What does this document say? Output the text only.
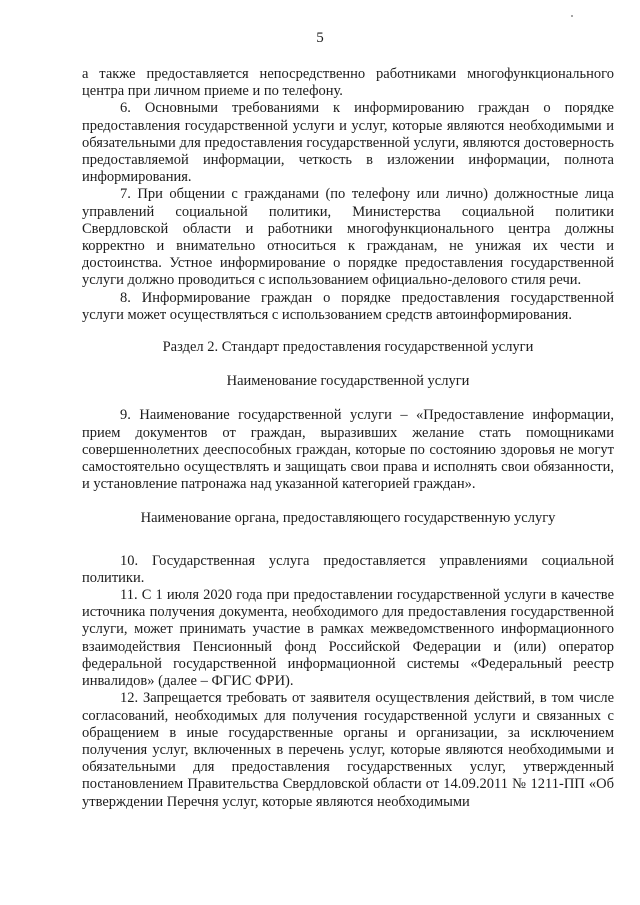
5

а также предоставляется непосредственно работниками многофункционального центра при личном приеме и по телефону.

6. Основными требованиями к информированию граждан о порядке предоставления государственной услуги и услуг, которые являются необходимыми и обязательными для предоставления государственной услуги, являются достоверность предоставляемой информации, четкость в изложении информации, полнота информирования.

7. При общении с гражданами (по телефону или лично) должностные лица управлений социальной политики, Министерства социальной политики Свердловской области и работники многофункционального центра должны корректно и внимательно относиться к гражданам, не унижая их чести и достоинства. Устное информирование о порядке предоставления государственной услуги должно проводиться с использованием официально-делового стиля речи.

8. Информирование граждан о порядке предоставления государственной услуги может осуществляться с использованием средств автоинформирования.

Раздел 2. Стандарт предоставления государственной услуги
Наименование государственной услуги

9. Наименование государственной услуги – «Предоставление информации, прием документов от граждан, выразивших желание стать помощниками совершеннолетних дееспособных граждан, которые по состоянию здоровья не могут самостоятельно осуществлять и защищать свои права и исполнять свои обязанности, и установление патронажа над указанной категорией граждан».

Наименование органа, предоставляющего государственную услугу

10. Государственная услуга предоставляется управлениями социальной политики.

11. С 1 июля 2020 года при предоставлении государственной услуги в качестве источника получения документа, необходимого для предоставления государственной услуги, может принимать участие в рамках межведомственного информационного взаимодействия Пенсионный фонд Российской Федерации и (или) оператор федеральной государственной информационной системы «Федеральный реестр инвалидов» (далее – ФГИС ФРИ).

12. Запрещается требовать от заявителя осуществления действий, в том числе согласований, необходимых для получения государственной услуги и связанных с обращением в иные государственные органы и организации, за исключением получения услуг, включенных в перечень услуг, которые являются необходимыми и обязательными для предоставления государственных услуг, утвержденный постановлением Правительства Свердловской области от 14.09.2011 № 1211-ПП «Об утверждении Перечня услуг, которые являются необходимыми
